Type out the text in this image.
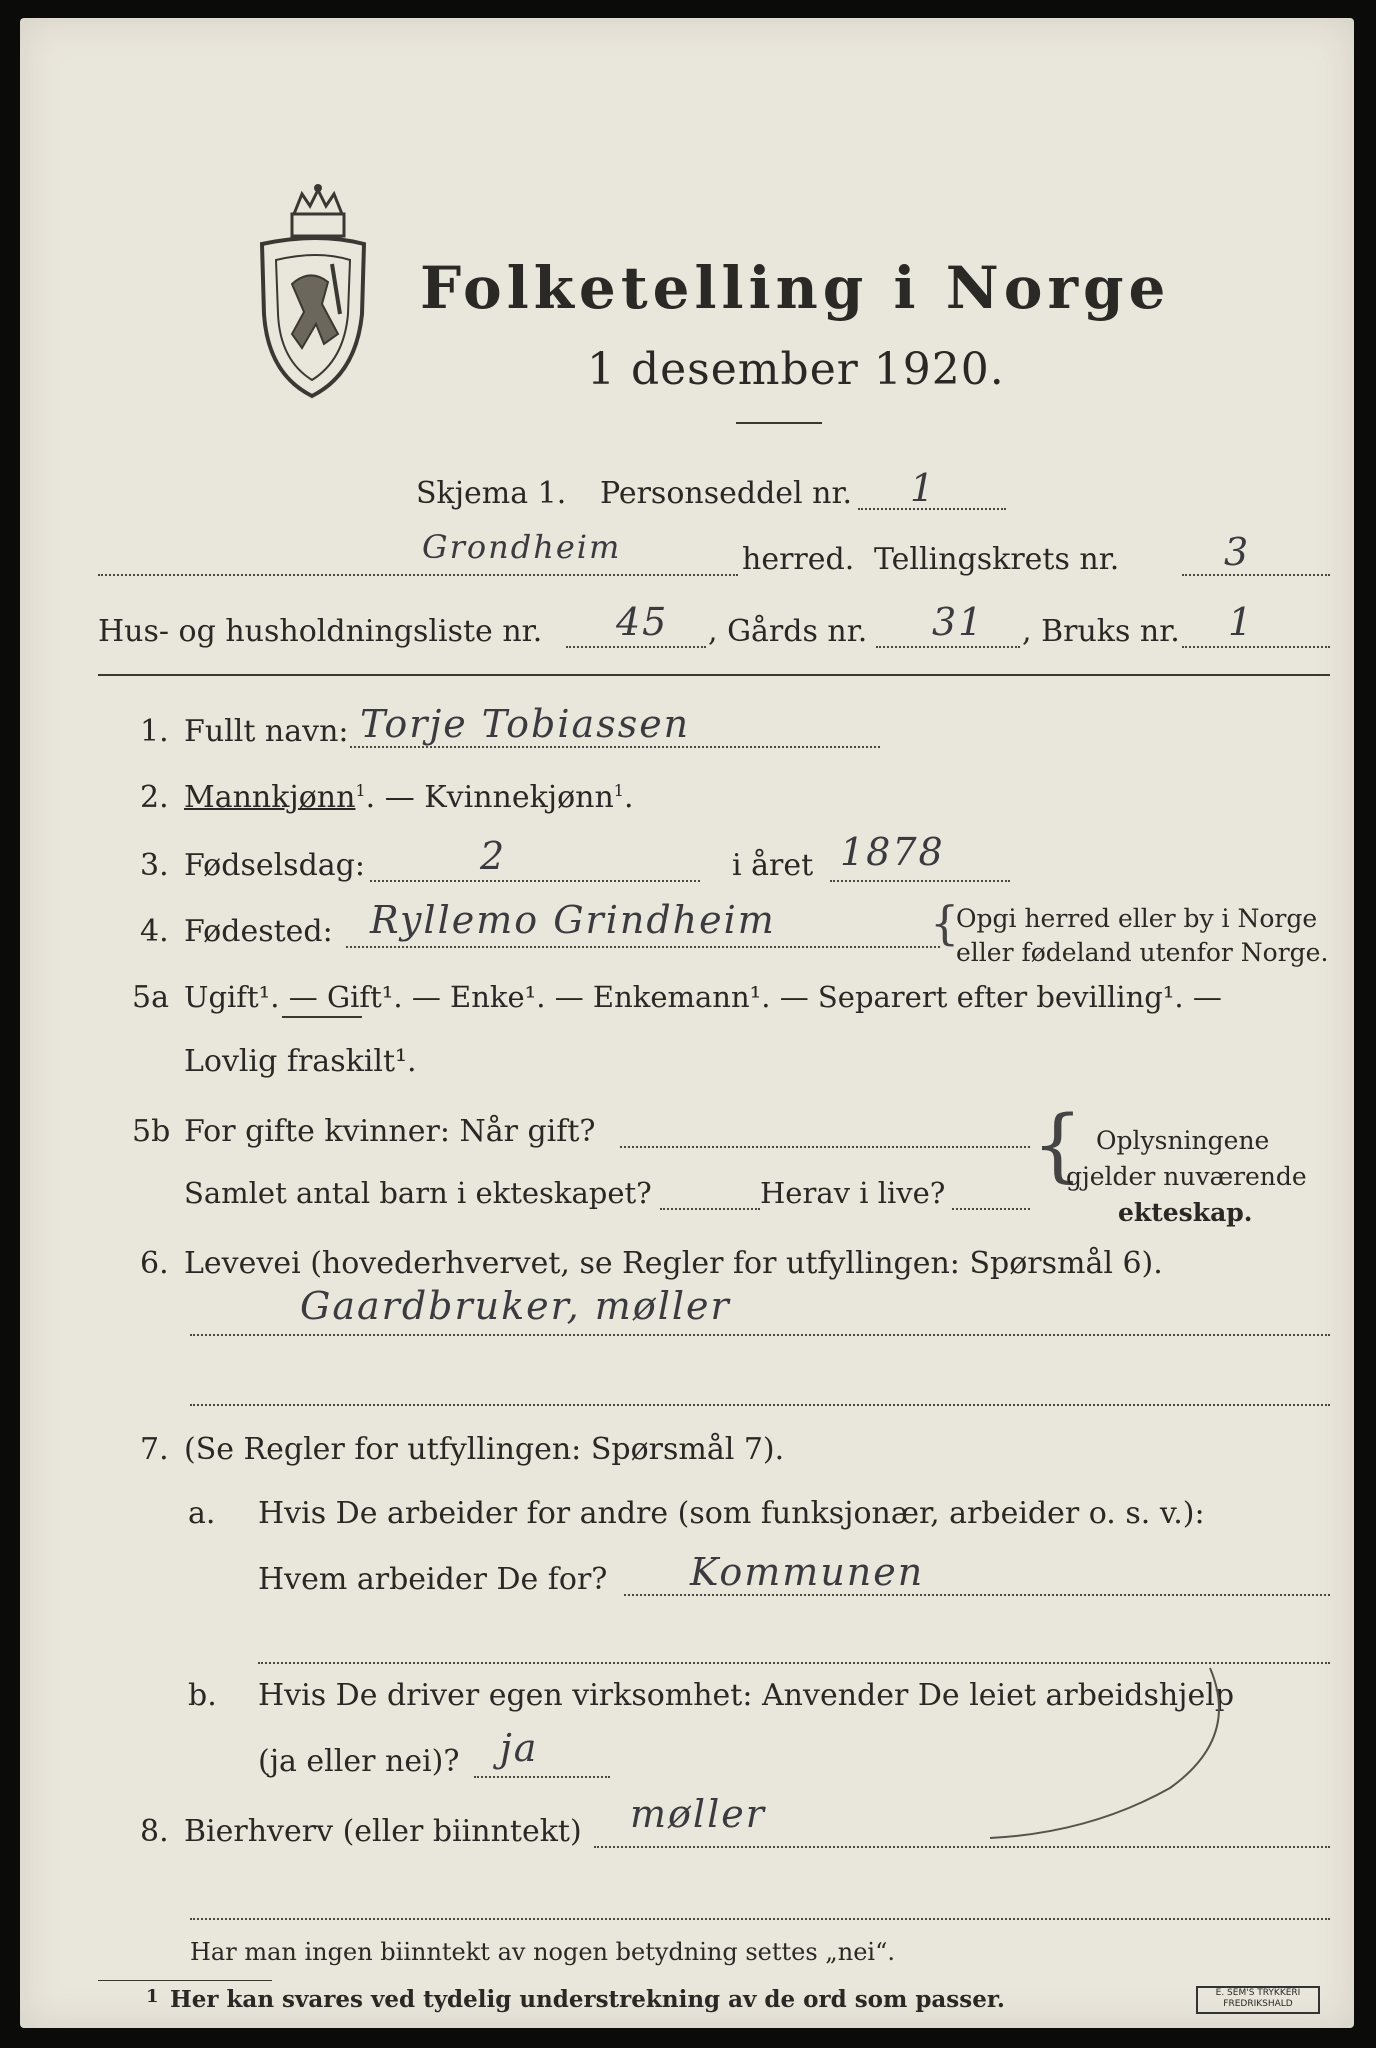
Folketelling i Norge
1 desember 1920.
Skjema 1. Personseddel nr. 1
Grondheim	herred. Tellingskrets nr.	3
Hus- og husholdningsliste nr. 45 , Gårds nr. 31 , Bruks nr. 1
1. Fullt navn: Torje Tobiassen
2. Mannkjønn$^1$. — Kvinnekjønn$^1$.
3. Fødselsdag:	2	i året 1878
4. Fødested: Ryllemo Grindheim	{
Opgi herred eller by i Norge
eller fødeland utenfor Norge.
5a Ugift¹. — Gift¹. — Enke¹. — Enkemann¹. — Separert efter bevilling¹. —
Lovlig fraskilt¹.
5b For gifte kvinner: Når gift?
Samlet antal barn i ekteskapet?	Herav i live?
{ Oplysningene
gjelder nuværende
ekteskap.
6. Levevei (hovederhvervet, se Regler for utfyllingen: Spørsmål 6).
Gaardbruker, møller
7. (Se Regler for utfyllingen: Spørsmål 7).
a. Hvis De arbeider for andre (som funksjonær, arbeider o. s. v.):
Hvem arbeider De for? Kommunen
b. Hvis De driver egen virksomhet: Anvender De leiet arbeidshjelp
(ja eller nei)? ja
8. Bierhverv (eller biinntekt) møller
Har man ingen biinntekt av nogen betydning settes „nei“.
1 Her kan svares ved tydelig understrekning av de ord som passer.	E. SEM'S TRYKKERI FREDRIKSHALD
